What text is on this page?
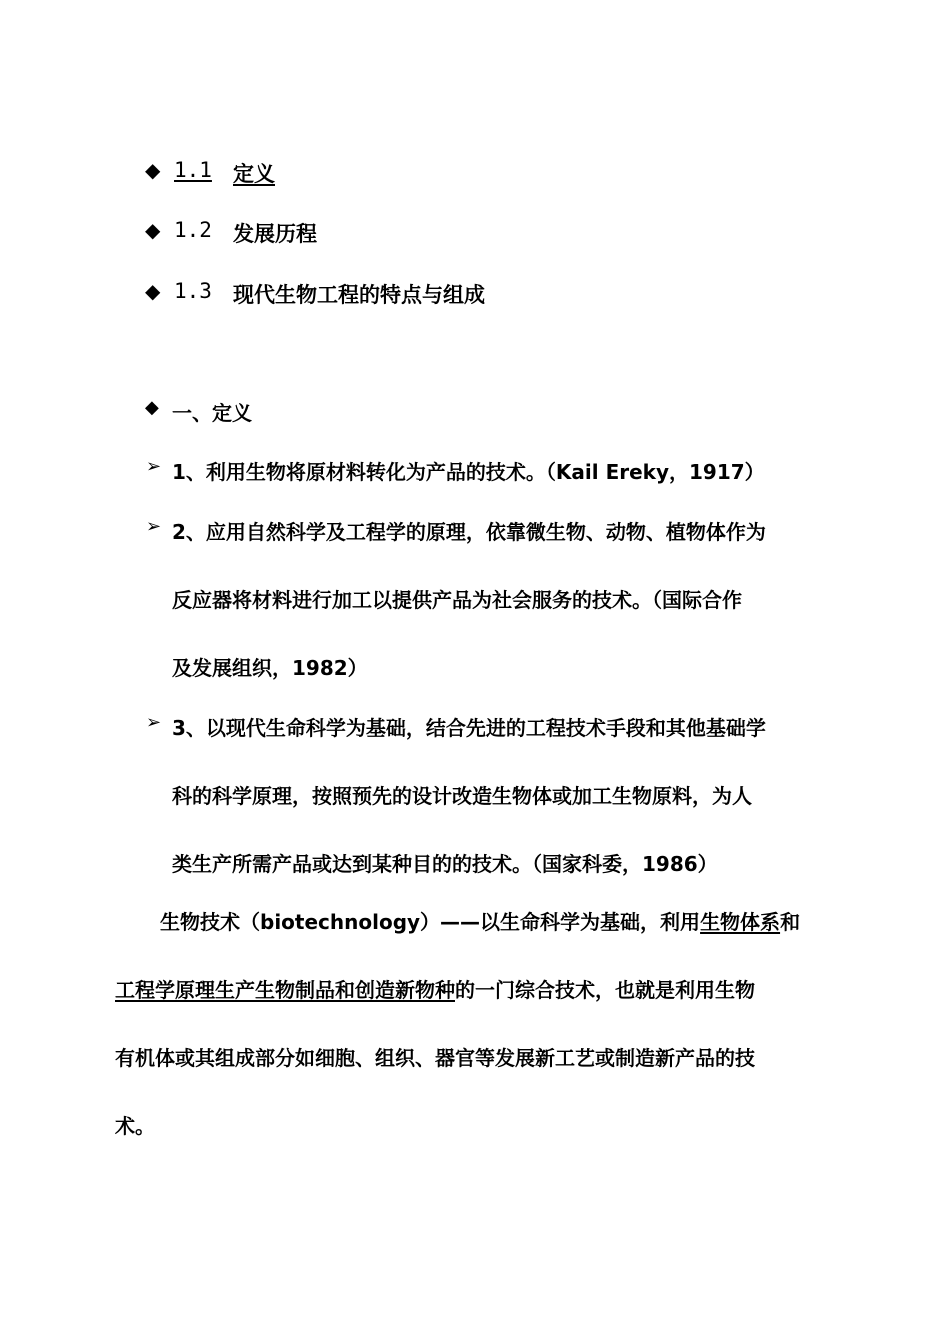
◆ 1.1 定义
◆ 1.2 发展历程
◆ 1.3 现代生物工程的特点与组成
◆ 一、定义
➢ 1、利用生物将原材料转化为产品的技术。（Kail Ereky，1917）
➢ 2、应用自然科学及工程学的原理，依靠微生物、动物、植物体作为
反应器将材料进行加工以提供产品为社会服务的技术。（国际合作
及发展组织，1982）
➢ 3、以现代生命科学为基础，结合先进的工程技术手段和其他基础学
科的科学原理，按照预先的设计改造生物体或加工生物原料，为人
类生产所需产品或达到某种目的的技术。（国家科委，1986）
生物技术（biotechnology）——以生命科学为基础，利用生物体系和
工程学原理生产生物制品和创造新物种的一门综合技术，也就是利用生物
有机体或其组成部分如细胞、组织、器官等发展新工艺或制造新产品的技
术。
